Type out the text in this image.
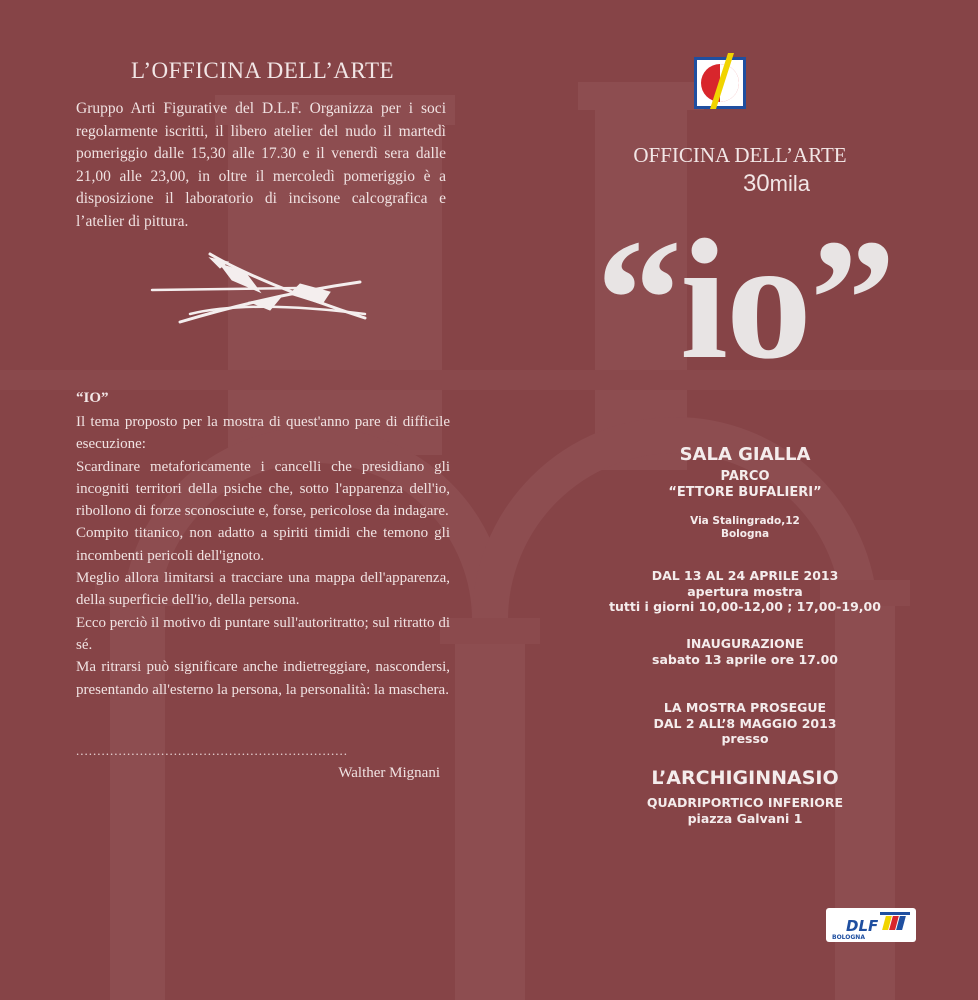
L’OFFICINA DELL’ARTE
Gruppo Arti Figurative del D.L.F. Organizza per i soci regolarmente iscritti, il libero atelier del nudo il martedì pomeriggio dalle 15,30 alle 17.30 e il venerdì sera dalle 21,00 alle 23,00, in oltre il mercoledì pomeriggio è a disposizione il laboratorio di incisone calcografica e l’atelier di pittura.
“IO”

Il tema proposto per la mostra di quest'anno pare di difficile esecuzione:

Scardinare metaforicamente i cancelli che presidiano gli incogniti territori della psiche che, sotto l'apparenza dell'io, ribollono di forze sconosciute e, forse, pericolose da indagare.

Compito titanico, non adatto a spiriti timidi che temono gli incombenti pericoli dell'ignoto.

Meglio allora limitarsi a tracciare una mappa dell'apparenza, della superficie dell'io, della persona.

Ecco perciò il motivo di puntare sull'autoritratto; sul ritratto di sé.

Ma ritrarsi può significare anche indietreggiare, nascondersi, presentando all'esterno la persona, la personalità: la maschera.

................................................................
Walther Mignani
OFFICINA DELL’ARTE
30mila
“io”
SALA GIALLA
PARCO
“ETTORE BUFALIERI”
Via Stalingrado,12
Bologna
DAL 13 AL 24 APRILE 2013
apertura mostra
tutti i giorni 10,00-12,00 ; 17,00-19,00
INAUGURAZIONE
sabato 13 aprile ore 17.00
LA MOSTRA PROSEGUE
DAL 2 ALL’8 MAGGIO 2013
presso
L’ARCHIGINNASIO
QUADRIPORTICO INFERIORE
piazza Galvani 1
DLF
BOLOGNA
